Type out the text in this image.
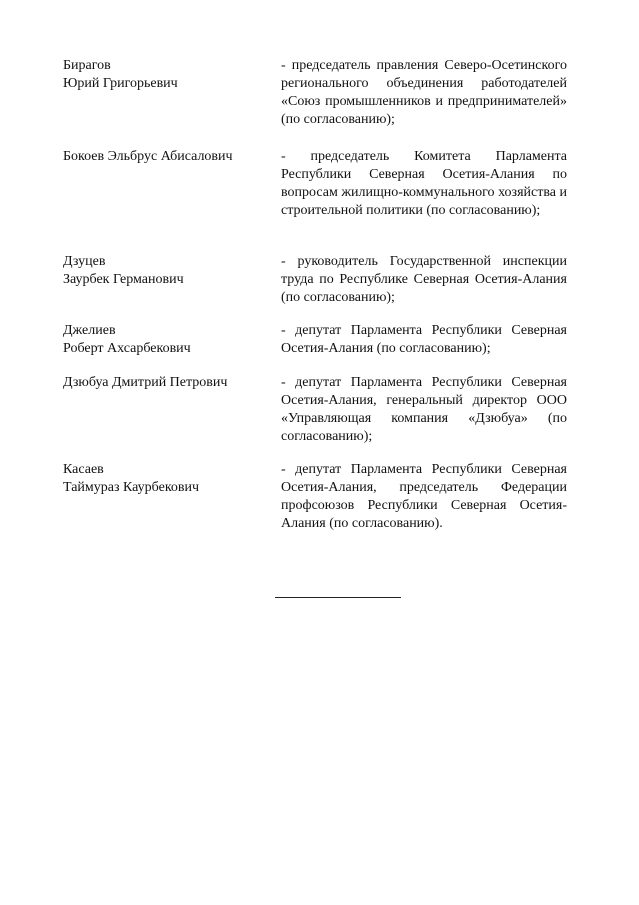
Бирагов
Юрий Григорьевич
- председатель правления Северо-Осетинского регионального объединения работодателей «Союз промышленников и предпринимателей» (по согласованию);
Бокоев Эльбрус Абисалович	- председатель Комитета Парламента Республики Северная Осетия-Алания по вопросам жилищно-коммунального хозяйства и строительной политики (по согласованию);
Дзуцев
Заурбек Германович
- руководитель Государственной инспекции труда по Республике Северная Осетия-Алания (по согласованию);
Джелиев
Роберт Ахсарбекович
- депутат Парламента Республики Северная Осетия-Алания (по согласованию);
Дзюбуа Дмитрий Петрович	- депутат Парламента Республики Северная Осетия-Алания, генеральный директор ООО «Управляющая компания «Дзюбуа» (по согласованию);
Касаев
Таймураз Каурбекович
- депутат Парламента Республики Северная Осетия-Алания, председатель Федерации профсоюзов Республики Северная Осетия-Алания (по согласованию).
